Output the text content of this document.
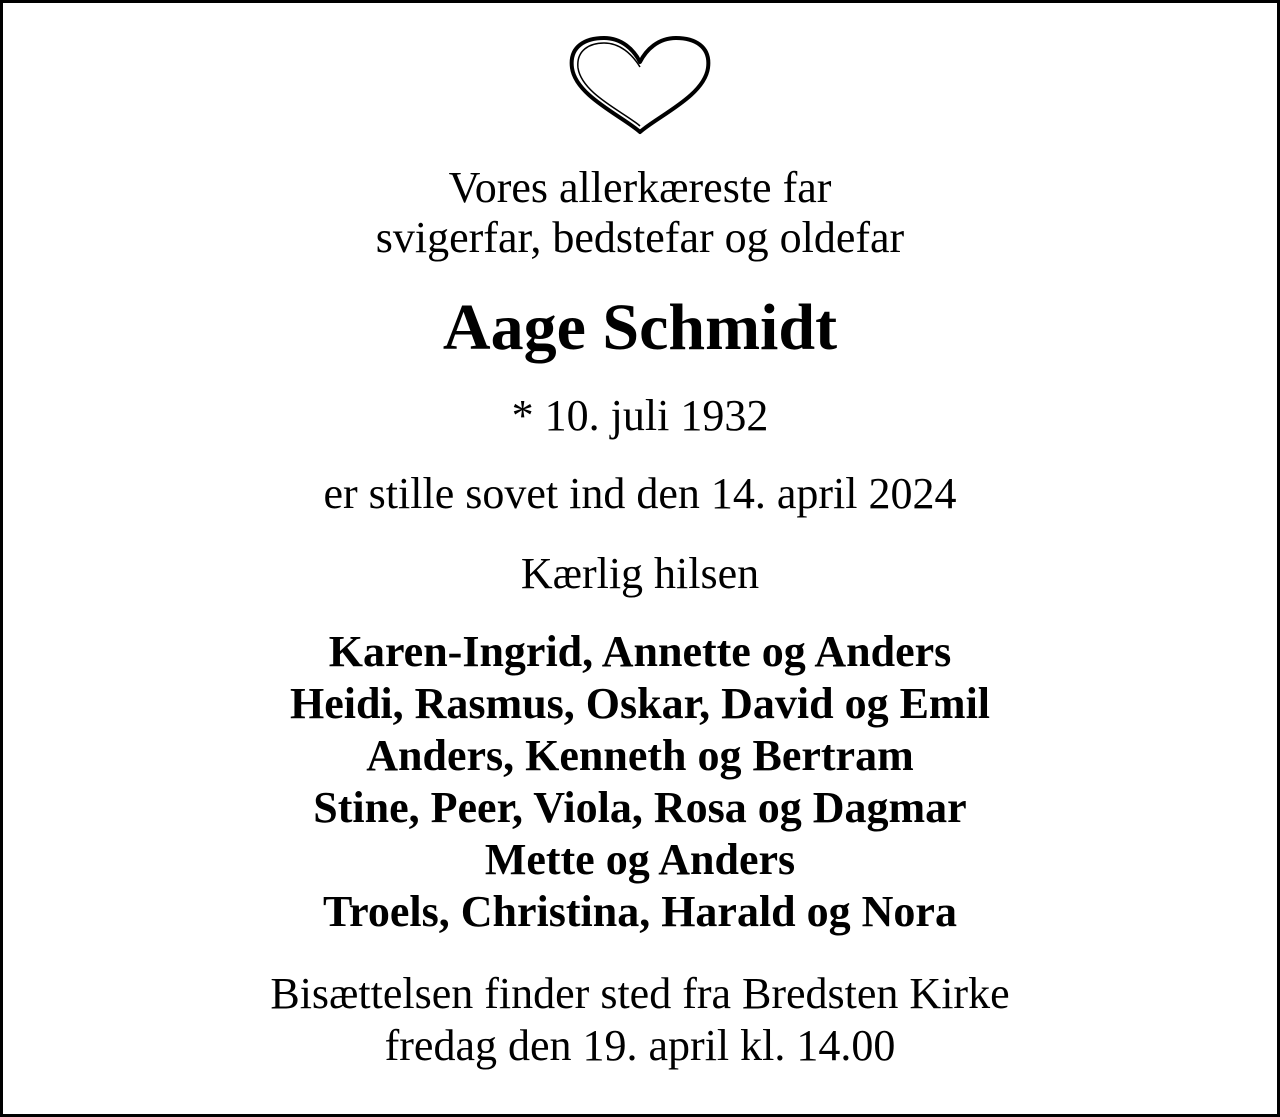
Vores allerkæreste far

svigerfar, bedstefar og oldefar

Aage Schmidt

* 10. juli 1932

er stille sovet ind den 14. april 2024

Kærlig hilsen

Karen-Ingrid, Annette og Anders

Heidi, Rasmus, Oskar, David og Emil

Anders, Kenneth og Bertram

Stine, Peer, Viola, Rosa og Dagmar

Mette og Anders

Troels, Christina, Harald og Nora

Bisættelsen finder sted fra Bredsten Kirke

fredag den 19. april kl. 14.00
